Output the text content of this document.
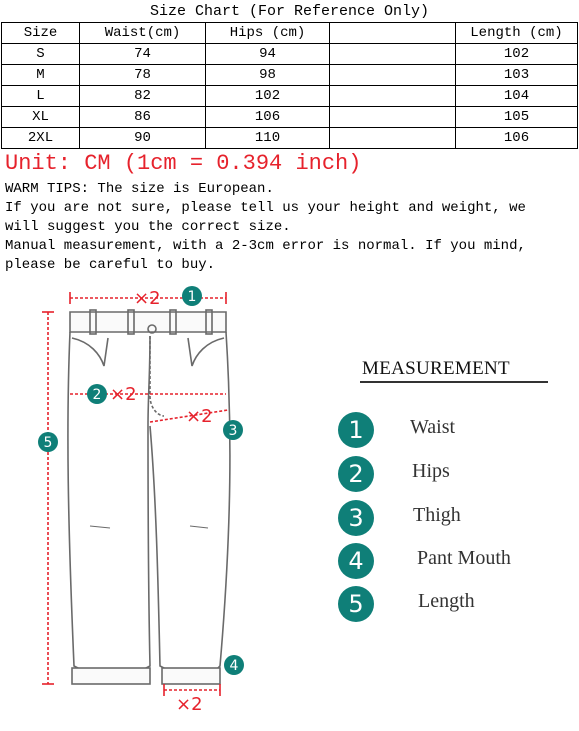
Size Chart (For Reference Only)
Size	Waist(cm)	Hips (cm)		Length (cm)
S	74	94		102
M	78	98		103
L	82	102		104
XL	86	106		105
2XL	90	110		106
Unit: CM (1cm = 0.394 inch)
WARM TIPS: The size is European.
If you are not sure, please tell us your height and weight, we
will suggest you the correct size.
Manual measurement, with a 2-3cm error is normal. If you mind,
please be careful to buy.
×2
×2
×2
×2
1
2
3
4
5
MEASUREMENT
1	Waist
2	Hips
3	Thigh
4	Pant Mouth
5	Length
